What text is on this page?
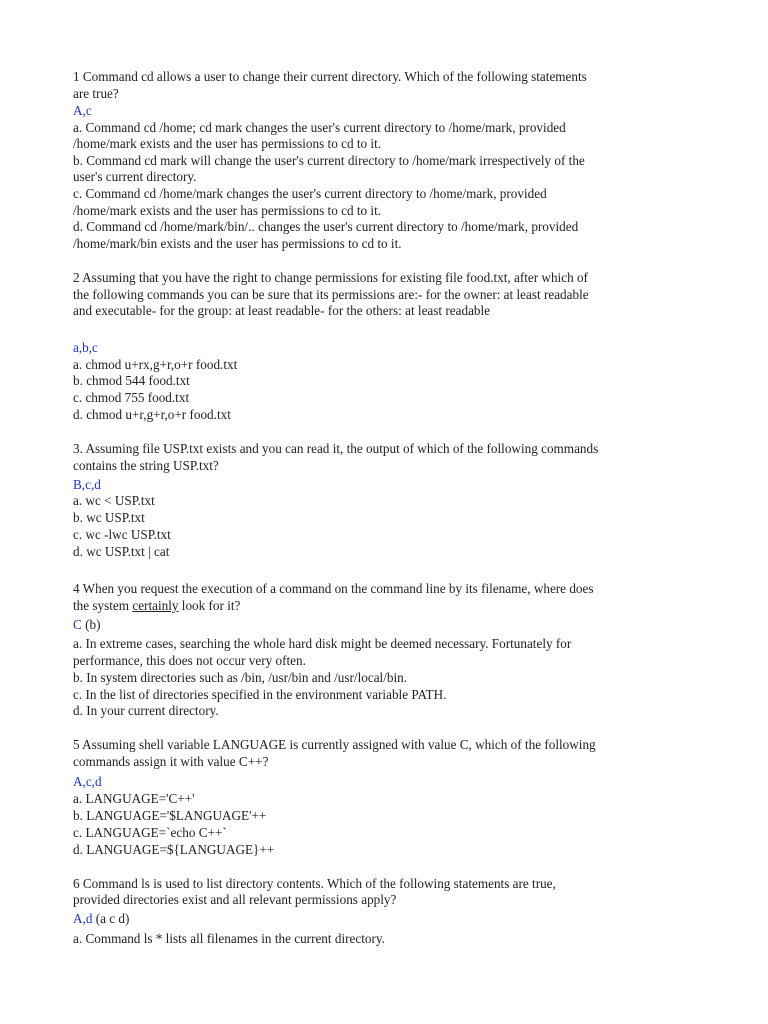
1 Command cd allows a user to change their current directory. Which of the following statements
are true?
A,c
a. Command cd /home; cd mark changes the user's current directory to /home/mark, provided
/home/mark exists and the user has permissions to cd to it.
b. Command cd mark will change the user's current directory to /home/mark irrespectively of the
user's current directory.
c. Command cd /home/mark changes the user's current directory to /home/mark, provided
/home/mark exists and the user has permissions to cd to it.
d. Command cd /home/mark/bin/.. changes the user's current directory to /home/mark, provided
/home/mark/bin exists and the user has permissions to cd to it.
2 Assuming that you have the right to change permissions for existing file food.txt, after which of
the following commands you can be sure that its permissions are:- for the owner: at least readable
and executable- for the group: at least readable- for the others: at least readable
a,b,c
a. chmod u+rx,g+r,o+r food.txt
b. chmod 544 food.txt
c. chmod 755 food.txt
d. chmod u+r,g+r,o+r food.txt
3. Assuming file USP.txt exists and you can read it, the output of which of the following commands
contains the string USP.txt?
B,c,d
a. wc < USP.txt
b. wc USP.txt
c. wc -lwc USP.txt
d. wc USP.txt | cat
4 When you request the execution of a command on the command line by its filename, where does
the system certainly look for it?
C (b)
a. In extreme cases, searching the whole hard disk might be deemed necessary. Fortunately for
performance, this does not occur very often.
b. In system directories such as /bin, /usr/bin and /usr/local/bin.
c. In the list of directories specified in the environment variable PATH.
d. In your current directory.
5 Assuming shell variable LANGUAGE is currently assigned with value C, which of the following
commands assign it with value C++?
A,c,d
a. LANGUAGE='C++'
b. LANGUAGE='$LANGUAGE'++
c. LANGUAGE=`echo C++`
d. LANGUAGE=${LANGUAGE}++
6 Command ls is used to list directory contents. Which of the following statements are true,
provided directories exist and all relevant permissions apply?
A,d (a c d)
a. Command ls * lists all filenames in the current directory.
